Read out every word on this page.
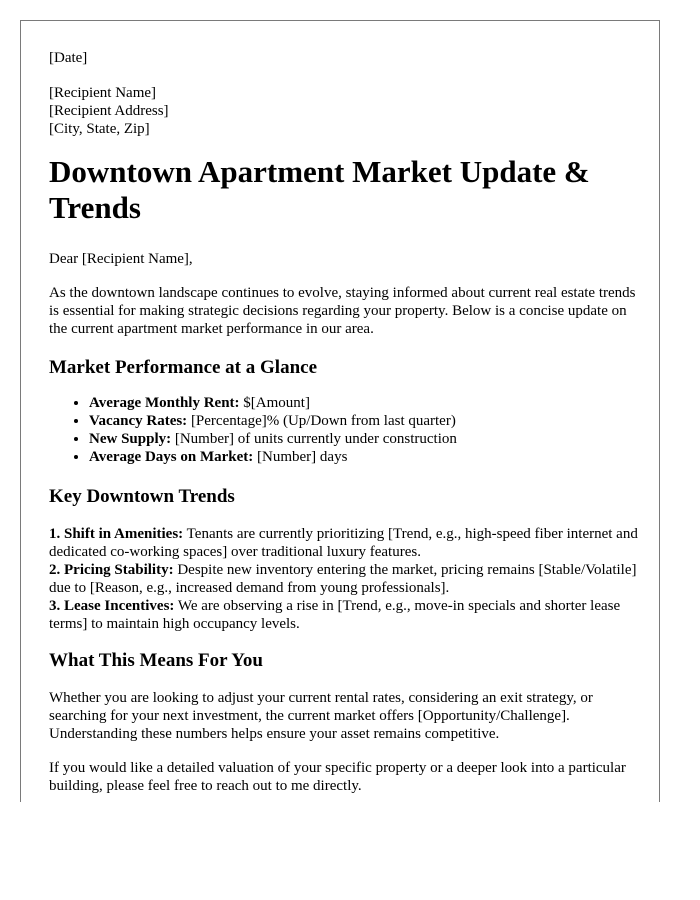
[Date]
[Recipient Name]
[Recipient Address]
[City, State, Zip]
Downtown Apartment Market Update & Trends

Dear [Recipient Name],

As the downtown landscape continues to evolve, staying informed about current real estate trends is essential for making strategic decisions regarding your property. Below is a concise update on the current apartment market performance in our area.

Market Performance at a Glance
• Average Monthly Rent: $[Amount]
• Vacancy Rates: [Percentage]% (Up/Down from last quarter)
• New Supply: [Number] of units currently under construction
• Average Days on Market: [Number] days
Key Downtown Trends
1. Shift in Amenities: Tenants are currently prioritizing [Trend, e.g., high-speed fiber internet and dedicated co-working spaces] over traditional luxury features.
2. Pricing Stability: Despite new inventory entering the market, pricing remains [Stable/Volatile] due to [Reason, e.g., increased demand from young professionals].
3. Lease Incentives: We are observing a rise in [Trend, e.g., move-in specials and shorter lease terms] to maintain high occupancy levels.
What This Means For You

Whether you are looking to adjust your current rental rates, considering an exit strategy, or searching for your next investment, the current market offers [Opportunity/Challenge]. Understanding these numbers helps ensure your asset remains competitive.

If you would like a detailed valuation of your specific property or a deeper look into a particular building, please feel free to reach out to me directly.
